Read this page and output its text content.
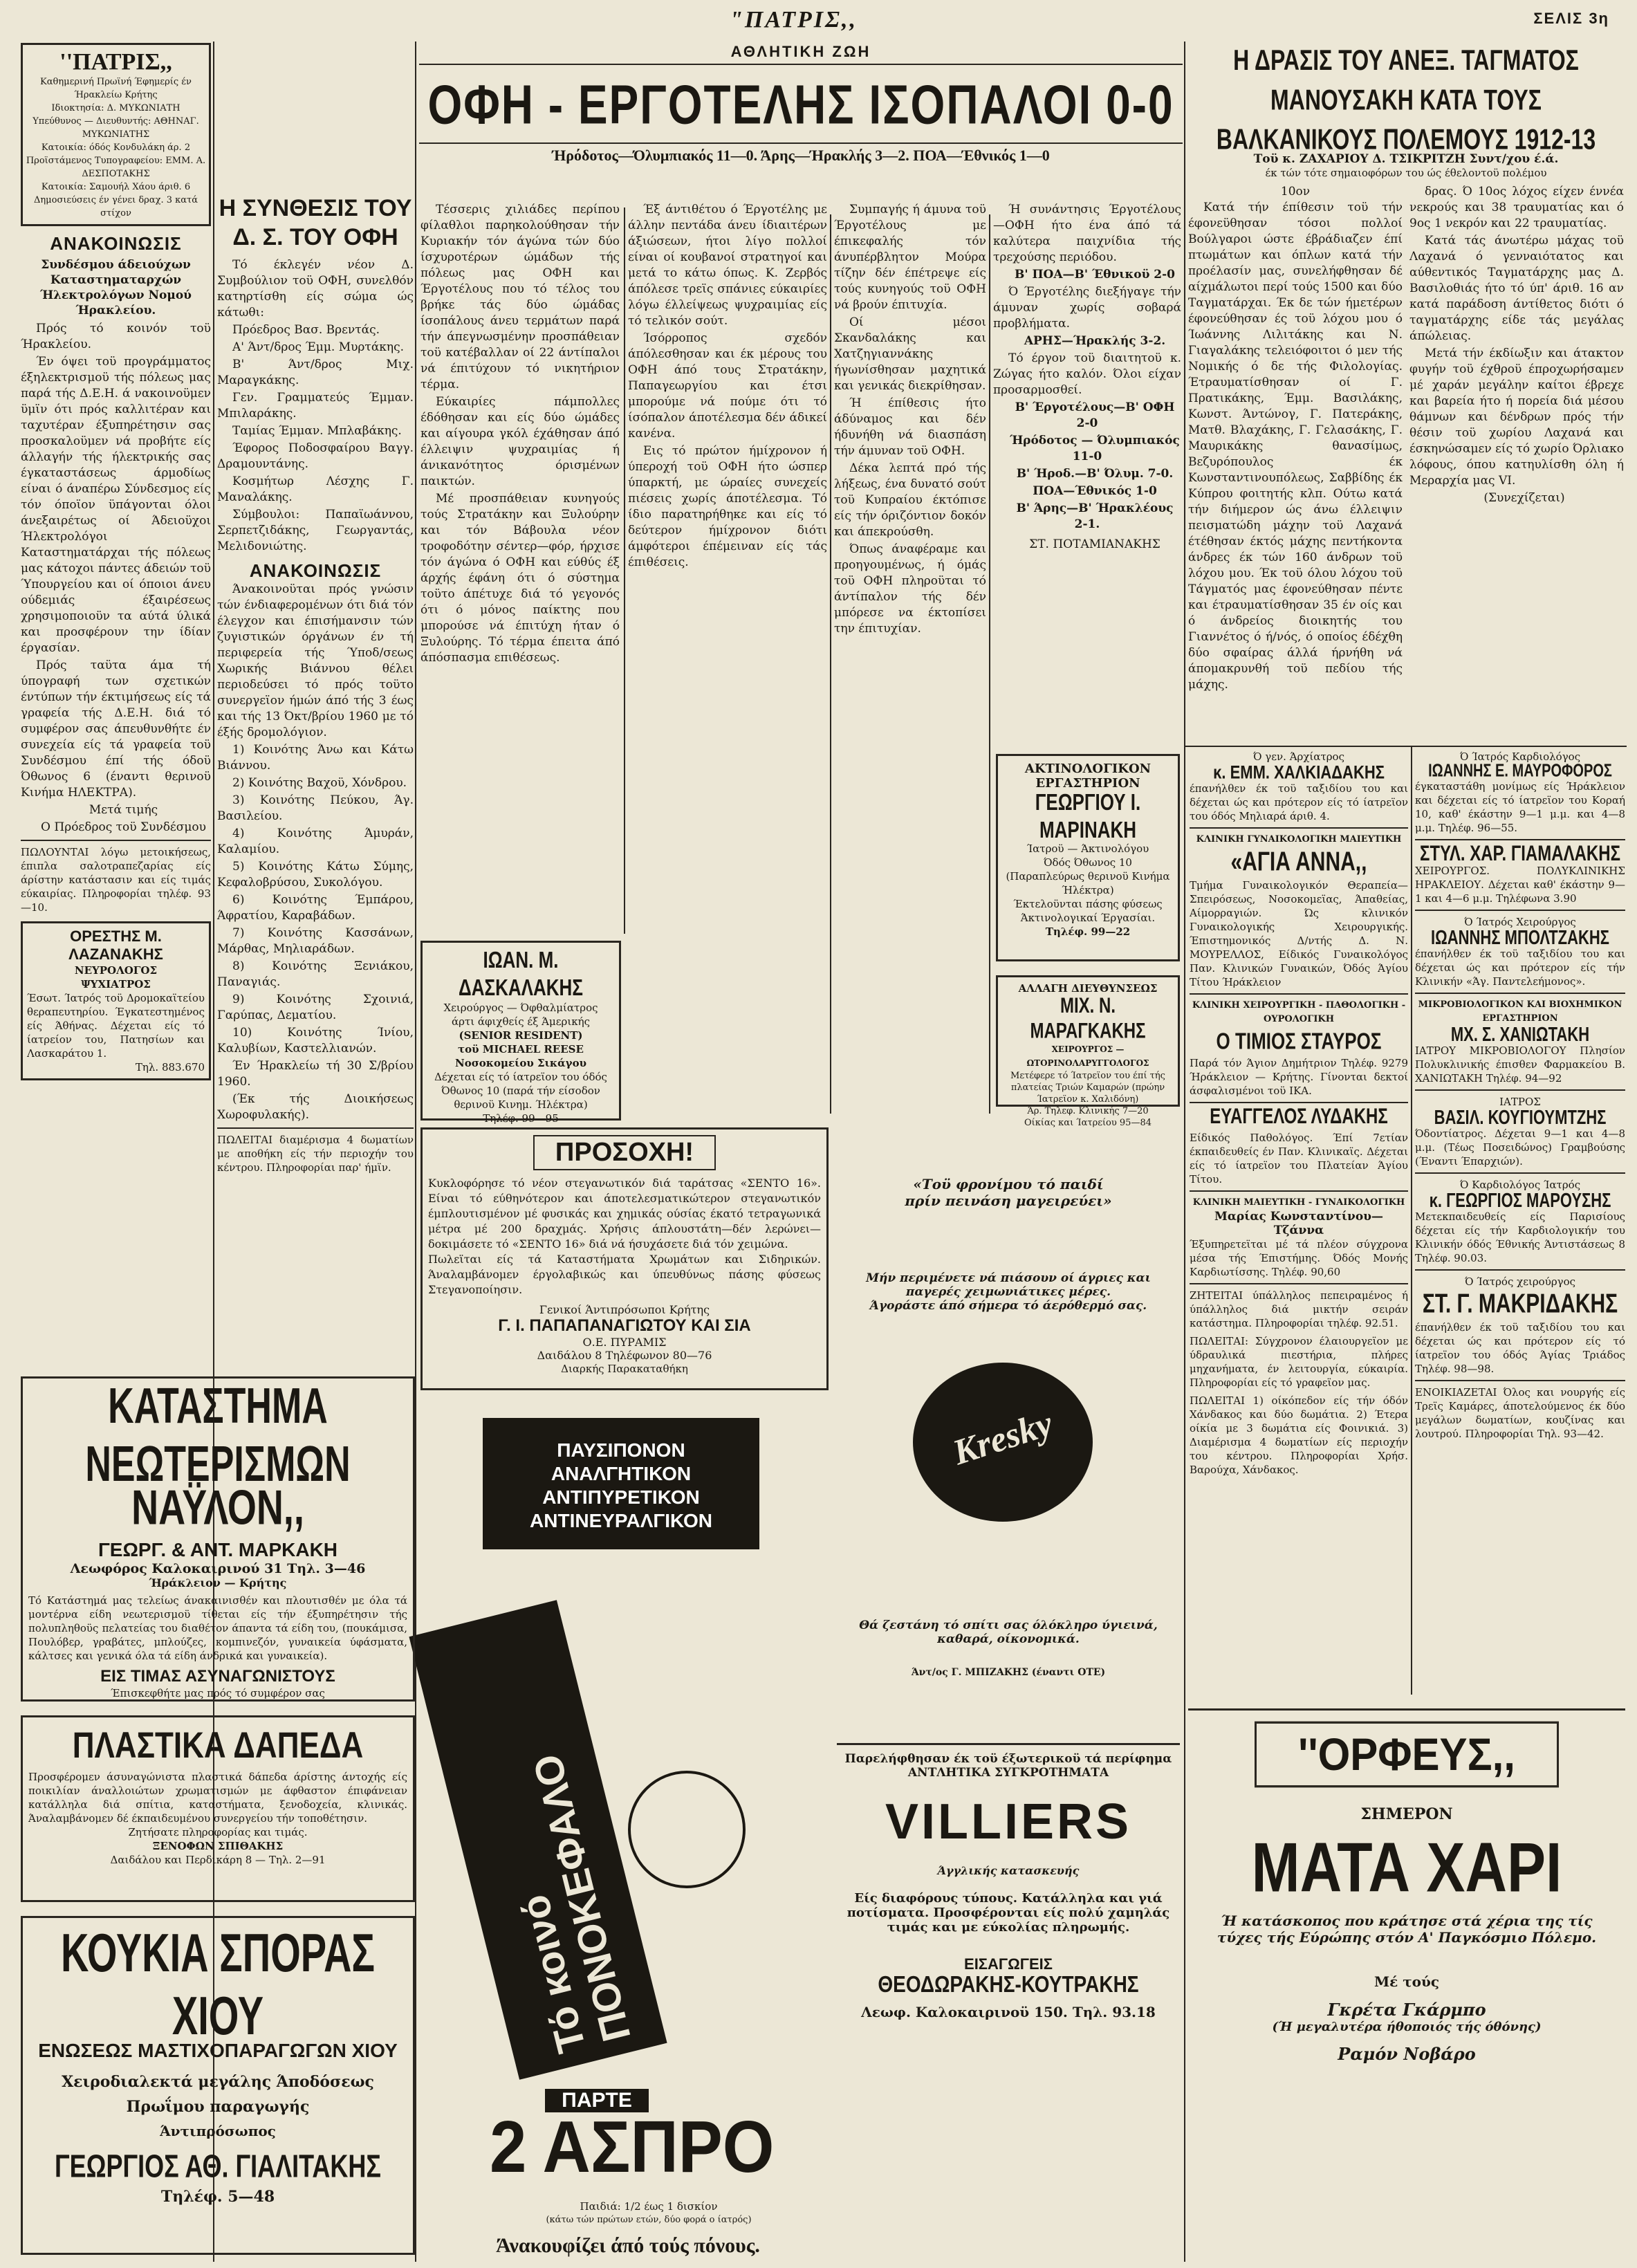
"ΠΑΤΡΙΣ,,	ΣΕΛΙΣ 3η
''ΠΑΤΡΙΣ,,
Καθημερινή Πρωϊνή Έφημερίς έν Ήρακλείω Κρήτης
Ιδιοκτησία: Δ. ΜΥΚΩΝΙΑΤΗ
Υπεύθυνος — Διευθυντής: ΑΘΗΝΑΓ. ΜΥΚΩΝΙΑΤΗΣ
Κατοικία: όδός Κονδυλάκη άρ. 2
Προϊστάμενος Τυπογραφείου: ΕΜΜ. Α. ΔΕΣΠΟΤΑΚΗΣ
Κατοικία: Σαμουήλ Χάου άριθ. 6
Δημοσιεύσεις έν γένει δραχ. 3 κατά στίχον
ΑΝΑΚΟΙΝΩΣΙΣ
Συνδέσμου άδειούχων Καταστηματαρχών Ήλεκτρολόγων Νομού Ήρακλείου.

Πρός τό κοινόν τοϋ Ήρακλείου.

Έν όψει τοϋ προγράμματος έξηλεκτρισμοϋ τής πόλεως μας παρά τής Δ.Ε.Η. ά νακοινοϋμεν ϋμϊν ότι πρός καλλιτέραν και ταχυτέραν έξυπηρέτησιν σας προσκαλοϋμεν νά προβήτε είς άλλαγήν τής ήλεκτρικής σας έγκαταστάσεως άρμοδίως είναι ό άναπέρω Σύνδεσμος είς τόν όποϊον ϋπάγονται όλοι άνεξαιρέτως οί Άδειοϋχοι Ήλεκτρολόγοι Καταστηματάρχαι τής πόλεως μας κάτοχοι πάντες άδειών τοϋ Ύπουργείου και οί όποιοι άνευ ούδεμιάς έξαιρέσεως χρησιμοποιοϋν τα αύτά ύλικά και προσφέρουν την ίδίαν έργασίαν.

Πρός ταϋτα άμα τή ύπογραφή των σχετικών έντύπων τήν έκτιμήσεως είς τά γραφεία τής Δ.Ε.Η. διά τό συμφέρον σας άπευθυνθήτε έν συνεχεία είς τά γραφεία τοϋ Συνδέσμου έπί τής όδοϋ Όθωνος 6 (έναντι θερινοϋ Κινήμα ΗΛΕΚΤΡΑ).

Μετά τιμής

Ο Πρόεδρος τοϋ Συνδέσμου

ΠΩΛΟΥΝΤΑΙ λόγω μετοικήσεως, έπιπλα σαλοτραπεζαρίας είς άρίστην κατάστασιν και είς τιμάς εύκαιρίας. Πληροφορίαι τηλέφ. 93—10.
ΟΡΕΣΤΗΣ Μ. ΛΑΖΑΝΑΚΗΣ
ΝΕΥΡΟΛΟΓΟΣ
ΨΥΧΙΑΤΡΟΣ
Έσωτ. Ίατρός τοϋ Δρομοκαϊτείου θεραπευτηρίου. Έγκατεστημένος είς Άθήνας. Δέχεται είς τό ίατρείον του, Πατησίων και Λασκαράτου 1.
Τηλ. 883.670
Η ΣΥΝΘΕΣΙΣ ΤΟΥ Δ. Σ. ΤΟΥ ΟΦΗ

Τό έκλεγέν νέον Δ. Συμβούλιον τοϋ ΟΦΗ, συνελθόν κατηρτίσθη είς σώμα ώς κάτωθι:

Πρόεδρος Βασ. Βρεντάς.

Α' Άντ/δρος Έμμ. Μυρτάκης.

Β' Άντ/δρος Μιχ. Μαραγκάκης.

Γεν. Γραμματεύς Έμμαν. Μπιλαράκης.

Ταμίας Έμμαν. Μπλαβάκης.

Έφορος Ποδοσφαίρου Βαγγ. Δραμουντάνης.

Κοσμήτωρ Λέσχης Γ. Μαναλάκης.

Σύμβουλοι: Παπαϊωάννου, Σερπετζιδάκης, Γεωργαντάς, Μελιδονιώτης.

ΑΝΑΚΟΙΝΩΣΙΣ

Άνακοινοϋται πρός γνώσιν τών ένδιαφερομένων ότι διά τόν έλεγχον και έπισήμανσιν τών ζυγιστικών όργάνων έν τή περιφερεία τής Ύποδ/σεως Χωρικής Βιάννου θέλει περιοδεύσει τό πρός τοϋτο συνεργεϊον ήμών άπό τής 3 έως και τής 13 Όκτ/βρίου 1960 με τό έξής δρομολόγιον.

1) Κοινότης Άνω και Κάτω Βιάννου.

2) Κοινότης Βαχοϋ, Χόνδρου.

3) Κοινότης Πεύκου, Άγ. Βασιλείου.

4) Κοινότης Άμυράν, Καλαμίου.

5) Κοινότης Κάτω Σύμης, Κεφαλοβρύσου, Συκολόγου.

6) Κοινότης Έμπάρου, Άφρατίου, Καραβάδων.

7) Κοινότης Κασσάνων, Μάρθας, Μηλιαράδων.

8) Κοινότης Ξενιάκου, Παναγιάς.

9) Κοινότης Σχοινιά, Γαρύπας, Δεματίου.

10) Κοινότης Ίνίου, Καλυβίων, Καστελλιανών.

Έν Ήρακλείω τή 30 Σ/βρίου 1960.

(Έκ τής Διοικήσεως Χωροφυλακής).

ΠΩΛΕΙΤΑΙ διαμέρισμα 4 δωματίων με αποθήκη είς τήν περιοχήν του κέντρου. Πληροφορίαι παρ' ήμϊν.
ΑΘΛΗΤΙΚΗ ΖΩΗ
ΟΦΗ - ΕΡΓΟΤΕΛΗΣ ΙΣΟΠΑΛΟΙ 0-0
Ήρόδοτος—Όλυμπιακός 11—0. Άρης—Ήρακλής 3—2. ΠΟΑ—Έθνικός 1—0

Τέσσερις χιλιάδες περίπου φίλαθλοι παρηκολούθησαν τήν Κυριακήν τόν άγώνα τών δύο ίσχυροτέρων ώμάδων τής πόλεως μας ΟΦΗ και Έργοτέλους που τό τέλος του βρήκε τάς δύο ώμάδας ίσοπάλους άνευ τερμάτων παρά τήν άπεγνωσμένην προσπάθειαν τοϋ κατέβαλλαν οί 22 άντίπαλοι νά έπιτύχουν τό νικητήριον τέρμα.

Εύκαιρίες πάμπολλες έδόθησαν και είς δύο ώμάδες και αίγουρα γκόλ έχάθησαν άπό έλλειψιν ψυχραιμίας ή άνικανότητος όρισμένων παικτών.

Μέ προσπάθειαν κυνηγούς τούς Στρατάκην και Ξυλούρην και τόν Βάβουλα νέον τροφοδότην σέντερ—φόρ, ήρχισε τόν άγώνα ό ΟΦΗ και εύθύς έξ άρχής έφάνη ότι ό σύστημα τοϋτο άπέτυχε διά τό γεγονός ότι ό μόνος παίκτης που μπορούσε νά έπιτύχη ήταν ό Ξυλούρης. Τό τέρμα έπειτα άπό άπόσπασμα επιθέσεως.

Έξ άντιθέτου ό Έργοτέλης με άλλην πεντάδα άνευ ίδιαιτέρων άξιώσεων, ήτοι λίγο πολλοί είναι οί κουβανοί στρατηγοί και μετά το κάτω όπως. Κ. Ζερβός άπόλεσε τρεϊς σπάνιες εύκαιρίες λόγω έλλείψεως ψυχραιμίας είς τό τελικόν σούτ.

Ίσόρροπος σχεδόν άπόλεσθησαν και έκ μέρους του ΟΦΗ άπό τους Στρατάκην, Παπαγεωργίου και έτσι μπορούμε νά πούμε ότι τό ίσόπαλον άποτέλεσμα δέν άδικεί κανένα.

Εις τό πρώτον ήμίχρονον ή ύπεροχή τοϋ ΟΦΗ ήτο ώσπερ ύπαρκτή, με ώραίες συνεχείς πιέσεις χωρίς άποτέλεσμα. Τό ίδιο παρατηρήθηκε και είς τό δεύτερον ήμίχρονον διότι άμφότεροι έπέμειναν είς τάς έπιθέσεις.

Συμπαγής ή άμυνα τοϋ Έργοτέλους με έπικεφαλής τόν άνυπέρβλητον Μούρα τίζην δέν έπέτρεψε είς τούς κυνηγούς τοϋ ΟΦΗ νά βρούν έπιτυχία.

Οί μέσοι Σκανδαλάκης και Χατζηγιαννάκης ήγωνίσθησαν μαχητικά και γενικάς διεκρίθησαν.

Ή έπίθεσις ήτο άδύναμος και δέν ήδυνήθη νά διασπάση τήν άμυναν τοϋ ΟΦΗ.

Δέκα λεπτά πρό τής λήξεως, ένα δυνατό σούτ τοϋ Κυπραίου έκτόπισε είς τήν όριζόντιον δοκόν και άπεκρούσθη.

Όπως άναφέραμε και προηγουμένως, ή όμάς τοϋ ΟΦΗ πληροϋται τό άντίπαλον τής δέν μπόρεσε να έκτοπίσει την έπιτυχίαν.

Ή συνάντησις Έργοτέλους—ΟΦΗ ήτο ένα άπό τά καλύτερα παιχνίδια τής τρεχούσης περιόδου.

Β' ΠΟΑ—Β' Έθνικοϋ 2-0

Ό Έργοτέλης διεξήγαγε τήν άμυναν χωρίς σοβαρά προβλήματα.

ΑΡΗΣ—Ήρακλής 3-2.

Τό έργον τοϋ διαιτητοϋ κ. Ζώγας ήτο καλόν. Όλοι είχαν προσαρμοσθεί.

Β' Έργοτέλους—Β' ΟΦΗ 2-0

Ήρόδοτος — Όλυμπιακός 11-0

Β' Ήροδ.—Β' Όλυμ. 7-0.

ΠΟΑ—Έθνικός 1-0

Β' Άρης—Β' Ήρακλέους 2-1.

ΣΤ. ΠΟΤΑΜΙΑΝΑΚΗΣ

ΑΚΤΙΝΟΛΟΓΙΚΟΝ ΕΡΓΑΣΤΗΡΙΟΝ
ΓΕΩΡΓΙΟΥ Ι. ΜΑΡΙΝΑΚΗ
Ίατροϋ — Άκτινολόγου
Όδός Όθωνος 10 (Παραπλεύρως θερινοϋ Κινήμα Ήλέκτρα)
Έκτελοϋνται πάσης φύσεως Άκτινολογικαί Έργασίαι.
Τηλέφ. 99—22
ΑΛΛΑΓΗ ΔΙΕΥΘΥΝΣΕΩΣ
ΜΙΧ. Ν. ΜΑΡΑΓΚΑΚΗΣ
ΧΕΙΡΟΥΡΓΟΣ — ΩΤΟΡΙΝΟΛΑΡΥΓΓΟΛΟΓΟΣ
Μετέφερε τό Ίατρεϊον του έπί τής πλατείας Τριών Καμαρών (πρώην Ίατρεϊον κ. Χαλιδόνη)
Άρ. Τηλεφ. Κλινικής 7—20
Οίκίας και Ίατρείου 95—84
ΙΩΑΝ. Μ. ΔΑΣΚΑΛΑΚΗΣ
Χειρούργος — Όφθαλμίατρος
άρτι άφιχθείς έξ Άμερικής
(SENIOR RESIDENT)
τοϋ MICHAEL REESE Νοσοκομείου Σικάγου
Δέχεται είς τό ίατρεϊον του όδός Όθωνος 10 (παρά τήν είσοδον θερινοϋ Κινημ. Ήλέκτρα)
Τηλέφ. 99—95
ΠΡΟΣΟΧΗ!
Κυκλοφόρησε τό νέον στεγανωτικόν διά ταράτσας «ΣΕΝΤΟ 16». Είναι τό εύθηνότερον και άποτελεσματικώτερον στεγανωτικόν έμπλουτισμένον μέ φυσικάς και χημικάς ούσίας έκατό τετραγωνικά μέτρα μέ 200 δραχμάς. Χρήσις άπλουστάτη—δέν λερώνει—δοκιμάσετε τό «ΣΕΝΤΟ 16» διά νά ήσυχάσετε διά τόν χειμώνα.
Πωλεϊται είς τά Καταστήματα Χρωμάτων και Σιδηρικών. Άναλαμβάνομεν έργολαβικώς και ύπευθύνως πάσης φύσεως Στεγανοποίησιν.
Γενικοί Άντιπρόσωποι Κρήτης
Γ. Ι. ΠΑΠΑΠΑΝΑΓΙΩΤΟΥ ΚΑΙ ΣΙΑ
Ο.Ε. ΠΥΡΑΜΙΣ
Δαιδάλου 8 Τηλέφωνον 80—76
Διαρκής Παρακαταθήκη
ΠΑΥΣΙΠΟΝΟΝ
ΑΝΑΛΓΗΤΙΚΟΝ
ΑΝΤΙΠΥΡΕΤΙΚΟΝ
ΑΝΤΙΝΕΥΡΑΛΓΙΚΟΝ
Τό κοινό ΠΟΝΟΚΕΦΑΛΟ
ΠΑΡΤΕ
2 ΑΣΠΡΟ
Παιδιά: 1/2 έως 1 δισκίον
(κάτω τών πρώτων ετών, δύο φορά ο ίατρός)
Άνακουφίζει άπό τούς πόνους.
«Τοϋ φρονίμου τό παιδί
πρίν πεινάση μαγειρεύει»
Μήν περιμένετε νά πιάσουν οί άγριες και παγερές χειμωνιάτικες μέρες.
Άγοράστε άπό σήμερα τό άερόθερμό σας.
Kresky
Θά ζεστάνη τό σπίτι σας όλόκληρο ύγιεινά, καθαρά, οίκονομικά.
Άντ/ος Γ. ΜΠΙΖΑΚΗΣ (έναντι ΟΤΕ)
Παρελήφθησαν έκ τοϋ έξωτερικοϋ τά περίφημα ΑΝΤΛΗΤΙΚΑ ΣΥΓΚΡΟΤΗΜΑΤΑ
VILLIERS
Άγγλικής κατασκευής
Είς διαφόρους τύπους. Κατάλληλα και γιά ποτίσματα. Προσφέρονται είς πολύ χαμηλάς τιμάς και με εύκολίας πληρωμής.
ΕΙΣΑΓΩΓΕΙΣ
ΘΕΟΔΩΡΑΚΗΣ-ΚΟΥΤΡΑΚΗΣ
Λεωφ. Καλοκαιρινοϋ 150. Τηλ. 93.18
ΚΑΤΑΣΤΗΜΑ ΝΕΩΤΕΡΙΣΜΩΝ
ΝΑΫΛΟΝ,,
ΓΕΩΡΓ. & ΑΝΤ. ΜΑΡΚΑΚΗ
Λεωφόρος Καλοκαιρινού 31 Τηλ. 3—46
Ήράκλειον — Κρήτης
Τό Κατάστημά μας τελείως άνακαινισθέν και πλουτισθέν με όλα τά μοντέρνα είδη νεωτερισμοϋ τίθεται είς τήν έξυπηρέτησιν τής πολυπληθοϋς πελατείας του διαθέτον άπαντα τά είδη του, (πουκάμισα, Πουλόβερ, γραβάτες, μπλούζες, κομπινεζόν, γυναικεία ύφάσματα, κάλτσες και γενικά όλα τά είδη άνδρικά και γυναικεία).
ΕΙΣ ΤΙΜΑΣ ΑΣΥΝΑΓΩΝΙΣΤΟΥΣ
Έπισκεφθήτε μας πρός τό συμφέρον σας
ΠΛΑΣΤΙΚΑ ΔΑΠΕΔΑ
Προσφέρομεν άσυναγώνιστα πλαστικά δάπεδα άρίστης άντοχής είς ποικιλίαν άναλλοιώτων χρωματισμών με άφθαστον έπιφάνειαν κατάλληλα διά σπίτια, καταστήματα, ξενοδοχεία, κλινικάς. Άναλαμβάνομεν δέ έκπαιδευμένου συνεργείου τήν τοποθέτησιν.
Ζητήσατε πληροφορίας και τιμάς.
ΞΕΝΟΦΩΝ ΣΠΙΘΑΚΗΣ
Δαιδάλου και Περδικάρη 8 — Τηλ. 2—91
ΚΟΥΚΙΑ ΣΠΟΡΑΣ ΧΙΟΥ
ΕΝΩΣΕΩΣ ΜΑΣΤΙΧΟΠΑΡΑΓΩΓΩΝ ΧΙΟΥ
Χειροδιαλεκτά μεγάλης Άποδόσεως
Πρωΐμου παραγωγής
Άντιπρόσωπος
ΓΕΩΡΓΙΟΣ ΑΘ. ΓΙΑΛΙΤΑΚΗΣ
Τηλέφ. 5—48
Η ΔΡΑΣΙΣ ΤΟΥ ΑΝΕΞ. ΤΑΓΜΑΤΟΣ ΜΑΝΟΥΣΑΚΗ ΚΑΤΑ ΤΟΥΣ ΒΑΛΚΑΝΙΚΟΥΣ ΠΟΛΕΜΟΥΣ 1912-13
Τοϋ κ. ΖΑΧΑΡΙΟΥ Δ. ΤΣΙΚΡΙΤΖΗ Συντ/χου έ.ά.
έκ τών τότε σημαιοφόρων του ώς έθελοντοϋ πολέμου
10ον

Κατά τήν έπίθεσιν τοϋ τήν έφονεϋθησαν τόσοι πολλοί Βούλγαροι ώστε έβράδιαζεν έπί πτωμάτων και όπλων κατά τήν προέλασίν μας, συνελήφθησαν δέ αίχμάλωτοι περί τούς 1500 και δύο Ταγματάρχαι. Έκ δε τών ήμετέρων έφονεύθησαν ές τοϋ λόχου μου ό Ίωάννης Λιλιτάκης και Ν. Γιαγαλάκης τελειόφοιτοι ό μεν τής Νομικής ό δε τής Φιλολογίας. Έτραυματίσθησαν οί Γ. Πρατικάκης, Έμμ. Βασιλάκης, Κωνστ. Άντώνογ, Γ. Πατεράκης, Ματθ. Βλαχάκης, Γ. Γελασάκης, Γ. Μαυρικάκης θανασίμως, Βεζυρόπουλος έκ Κωνσταντινουπόλεως, Σαββίδης έκ Κύπρου φοιτητής κλπ. Ούτω κατά τήν διήμερον ώς άνω έλλειψιν πεισματώδη μάχην τοϋ Λαχανά έτέθησαν έκτός μάχης πεντήκοντα άνδρες έκ τών 160 άνδρων τοϋ λόχου μου. Έκ τοϋ όλου λόχου τοϋ Τάγματός μας έφονεύθησαν πέντε και έτραυματίσθησαν 35 έν οίς και ό άνδρείος διοικητής του Γιαννέτος ό ή/νός, ό οποίος έδέχθη δύο σφαίρας άλλά ήρνήθη νά άπομακρυνθή τοϋ πεδίου τής μάχης.

δρας. Ό 10ος λόχος είχεν έννέα νεκρούς και 38 τραυματίας και ό 9ος 1 νεκρόν και 22 τραυματίας.

Κατά τάς άνωτέρω μάχας τοϋ Λαχανά ό γενναιότατος και αύθεντικός Ταγματάρχης μας Δ. Βασιλοθιάς ήτο τό ύπ' άριθ. 16 αν κατά παράδοση άντίθετος διότι ό ταγματάρχης είδε τάς μεγάλας άπώλειας.

Μετά τήν έκδίωξιν και άτακτον φυγήν τοϋ έχθροϋ έπροχωρήσαμεν μέ χαράν μεγάλην καίτοι έβρεχε και βαρεία ήτο ή πορεία διά μέσου θάμνων και δένδρων πρός τήν θέσιν τοϋ χωρίου Λαχανά και έσκηνώσαμεν είς τό χωρίο Όρλιακο λόφους, όπου κατηυλίσθη όλη ή Μεραρχία μας VI.

(Συνεχίζεται)

Ό γεν. Άρχίατρος
κ. ΕΜΜ. ΧΑΛΚΙΑΔΑΚΗΣ
έπανήλθεν έκ τοϋ ταξιδίου του και δέχεται ώς και πρότερον είς τό ίατρεϊον του όδός Μηλιαρά άριθ. 4.
ΚΛΙΝΙΚΗ ΓΥΝΑΙΚΟΛΟΓΙΚΗ ΜΑΙΕΥΤΙΚΗ
«ΑΓΙΑ ΑΝΝΑ,,
Τμήμα Γυναικολογικόν Θεραπεία—Σπειρόσεως, Νοσοκομεϊας, Άπαθείας, Αίμορραγιών. Ώς κλινικόν Γυναικολογικής Χειρουργικής. Έπιστημονικός Δ/ντής Δ. Ν. ΜΟΥΡΕΛΛΟΣ, Είδικός Γυναικολόγος Παν. Κλινικών Γυναικών, Όδός Άγίου Τίτου Ήράκλειον
ΚΛΙΝΙΚΗ ΧΕΙΡΟΥΡΓΙΚΗ - ΠΑΘΟΛΟΓΙΚΗ - ΟΥΡΟΛΟΓΙΚΗ
Ο ΤΙΜΙΟΣ ΣΤΑΥΡΟΣ
Παρά τόν Άγιον Δημήτριον Τηλέφ. 9279 Ήράκλειον — Κρήτης. Γίνονται δεκτοί άσφαλισμένοι τοϋ ΙΚΑ.
ΕΥΑΓΓΕΛΟΣ ΛΥΔΑΚΗΣ
Είδικός Παθολόγος. Έπί 7ετίαν έκπαιδευθείς έν Παν. Κλινικαϊς. Δέχεται είς τό ίατρεϊον του Πλατείαν Άγίου Τίτου.
ΚΛΙΝΙΚΗ ΜΑΙΕΥΤΙΚΗ - ΓΥΝΑΙΚΟΛΟΓΙΚΗ
Μαρίας Κωνσταντίνου—Τζάννα
Έξυπηρετεϊται μέ τά πλέον σύγχρονα μέσα τής Έπιστήμης. Όδός Μονής Καρδιωτίσσης. Τηλέφ. 90,60
ΖΗΤΕΙΤΑΙ ύπάλληλος πεπειραμένος ή ύπάλληλος διά μικτήν σειράν κατάστημα. Πληροφορίαι τηλέφ. 92.51.
ΠΩΛΕΙΤΑΙ: Σύγχρονον έλαιουργεϊον με ύδραυλικά πιεστήρια, πλήρες μηχανήματα, έν λειτουργία, εύκαιρία. Πληροφορίαι είς τό γραφεϊον μας.
ΠΩΛΕΙΤΑΙ 1) οίκόπεδον είς τήν όδόν Χάνδακος και δύο δωμάτια. 2) Έτερα οίκία με 3 δωμάτια είς Φοινικιά. 3) Διαμέρισμα 4 δωματίων είς περιοχήν του κέντρου. Πληροφορίαι Χρήσ. Βαρούχα, Χάνδακος.
Ό Ίατρός Καρδιολόγος
ΙΩΑΝΝΗΣ Ε. ΜΑΥΡΟΦΟΡΟΣ
έγκαταστάθη μονίμως είς Ήράκλειον και δέχεται είς τό ίατρεϊον του Κοραή 10, καθ' έκάστην 9—1 μ.μ. και 4—8 μ.μ. Τηλέφ. 96—55.
ΣΤΥΛ. ΧΑΡ. ΓΙΑΜΑΛΑΚΗΣ
ΧΕΙΡΟΥΡΓΟΣ. ΠΟΛΥΚΛΙΝΙΚΗΣ ΗΡΑΚΛΕΙΟΥ. Δέχεται καθ' έκάστην 9—1 και 4—6 μ.μ. Τηλέφωνα 3.90
Ό Ίατρός Χειρούργος
ΙΩΑΝΝΗΣ ΜΠΟΛΤΖΑΚΗΣ
έπανήλθεν έκ τοϋ ταξιδίου του και δέχεται ώς και πρότερον είς τήν Κλινικήν «Άγ. Παντελεήμονος».
ΜΙΚΡΟΒΙΟΛΟΓΙΚΟΝ ΚΑΙ ΒΙΟΧΗΜΙΚΟΝ ΕΡΓΑΣΤΗΡΙΟΝ
ΜΧ. Σ. ΧΑΝΙΩΤΑΚΗ
ΙΑΤΡΟΥ ΜΙΚΡΟΒΙΟΛΟΓΟΥ Πλησίον Πολυκλινικής έπισθεν Φαρμακείου Β. ΧΑΝΙΩΤΑΚΗ Τηλέφ. 94—92
ΙΑΤΡΟΣ
ΒΑΣΙΛ. ΚΟΥΓΙΟΥΜΤΖΗΣ
Όδοντίατρος. Δέχεται 9—1 και 4—8 μ.μ. (Τέως Ποσειδώνος) Γραμβούσης (Έναντι Έπαρχιών).
Ό Καρδιολόγος Ίατρός
κ. ΓΕΩΡΓΙΟΣ ΜΑΡΟΥΣΗΣ
Μετεκπαιδευθείς είς Παρισίους δέχεται είς τήν Καρδιολογικήν του Κλινικήν όδός Έθνικής Άντιστάσεως 8 Τηλέφ. 90.03.
Ό Ίατρός χειρούργος
ΣΤ. Γ. ΜΑΚΡΙΔΑΚΗΣ
έπανήλθεν έκ τοϋ ταξιδίου του και δέχεται ώς και πρότερον είς τό ίατρεϊον του όδός Άγίας Τριάδος Τηλέφ. 98—98.
ΕΝΟΙΚΙΑΖΕΤΑΙ Όλος και νουργής είς Τρεϊς Καμάρες, άποτελούμενος έκ δύο μεγάλων δωματίων, κουζίνας και λουτρού. Πληροφορίαι Τηλ. 93—42.
''ΟΡΦΕΥΣ,,
ΣΗΜΕΡΟΝ
ΜΑΤΑ ΧΑΡΙ
Ή κατάσκοπος που κράτησε στά χέρια της τίς τύχες τής Εύρώπης στόν Α' Παγκόσμιο Πόλεμο.
Μέ τούς
Γκρέτα Γκάρμπο
(Ή μεγαλυτέρα ήθοποιός τής όθόνης)
Ραμόν Νοβάρο
